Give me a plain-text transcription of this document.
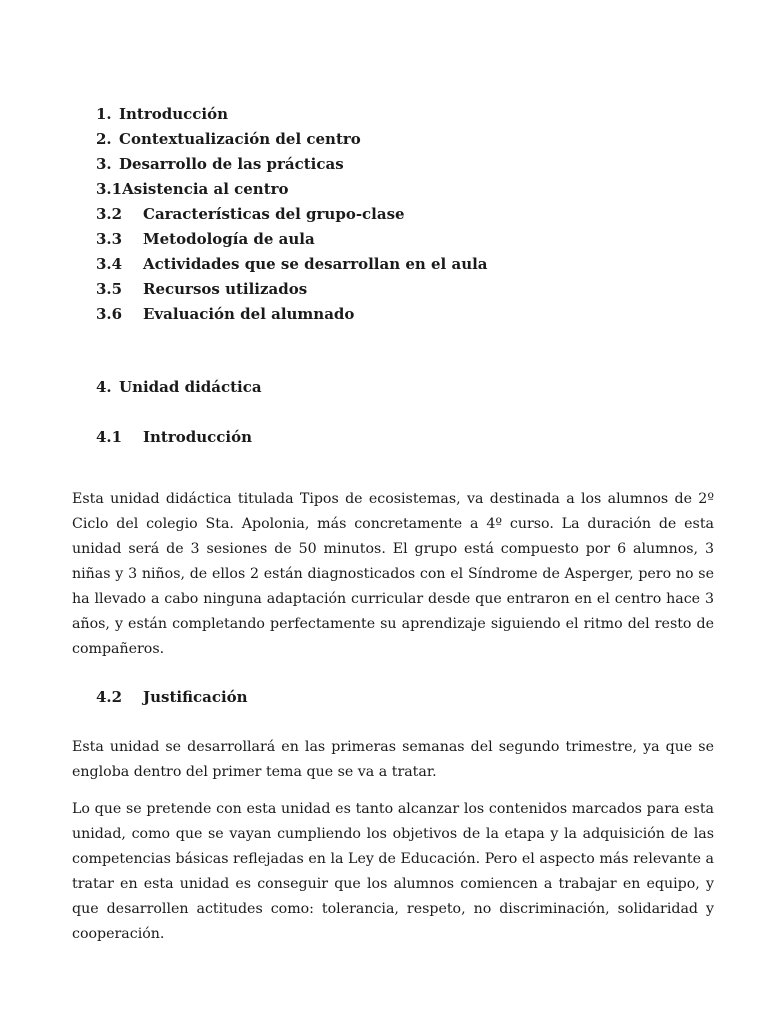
1. Introducción
2. Contextualización del centro
3. Desarrollo de las prácticas
3.1Asistencia al centro
3.2 Características del grupo-clase
3.3 Metodología de aula
3.4 Actividades que se desarrollan en el aula
3.5 Recursos utilizados
3.6 Evaluación del alumnado
4. Unidad didáctica
4.1 Introducción

Esta unidad didáctica titulada Tipos de ecosistemas, va destinada a los alumnos de 2º Ciclo del colegio Sta. Apolonia, más concretamente a 4º curso. La duración de esta unidad será de 3 sesiones de 50 minutos. El grupo está compuesto por 6 alumnos, 3 niñas y 3 niños, de ellos 2 están diagnosticados con el Síndrome de Asperger, pero no se ha llevado a cabo ninguna adaptación curricular desde que entraron en el centro hace 3 años, y están completando perfectamente su aprendizaje siguiendo el ritmo del resto de compañeros.

4.2 Justificación

Esta unidad se desarrollará en las primeras semanas del segundo trimestre, ya que se engloba dentro del primer tema que se va a tratar.

Lo que se pretende con esta unidad es tanto alcanzar los contenidos marcados para esta unidad, como que se vayan cumpliendo los objetivos de la etapa y la adquisición de las competencias básicas reflejadas en la Ley de Educación. Pero el aspecto más relevante a tratar en esta unidad es conseguir que los alumnos comiencen a trabajar en equipo, y que desarrollen actitudes como: tolerancia, respeto, no discriminación, solidaridad y cooperación.
